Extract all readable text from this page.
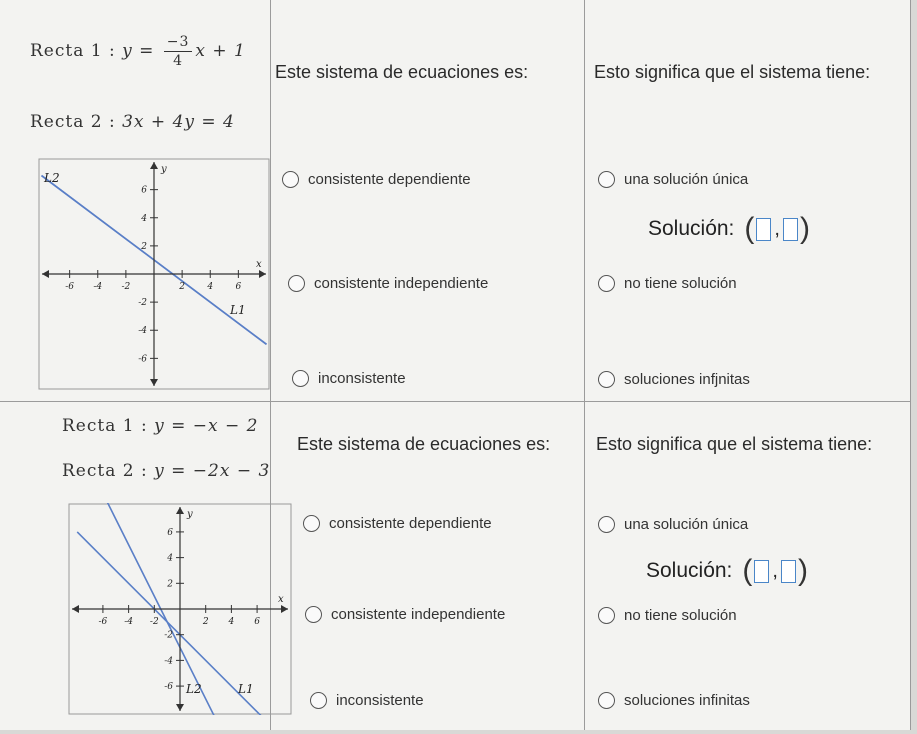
Recta 1 : $y = \frac{-3}{4}$ x + 1
Recta 2 : 3x + 4y = 4
-6 -4 -2	2 4 6
6
4
2
-2
-4
-6
x
y
L2
L1
Este sistema de ecuaciones es:	Esto significa que el sistema tiene:
consistente dependiente
consistente independiente
inconsistente
una solución única
no tiene solución
soluciones infjnitas
Solución: ( , )
Recta 1 : y = −x − 2
Recta 2 : y = −2x − 3
-6 -4 -2	2 4 6
6
4
2
-2
-4
-6
x
y
L2	L1
Este sistema de ecuaciones es:	Esto significa que el sistema tiene:
consistente dependiente
consistente independiente
inconsistente
una solución única
no tiene solución
soluciones infinitas
Solución: ( , )
